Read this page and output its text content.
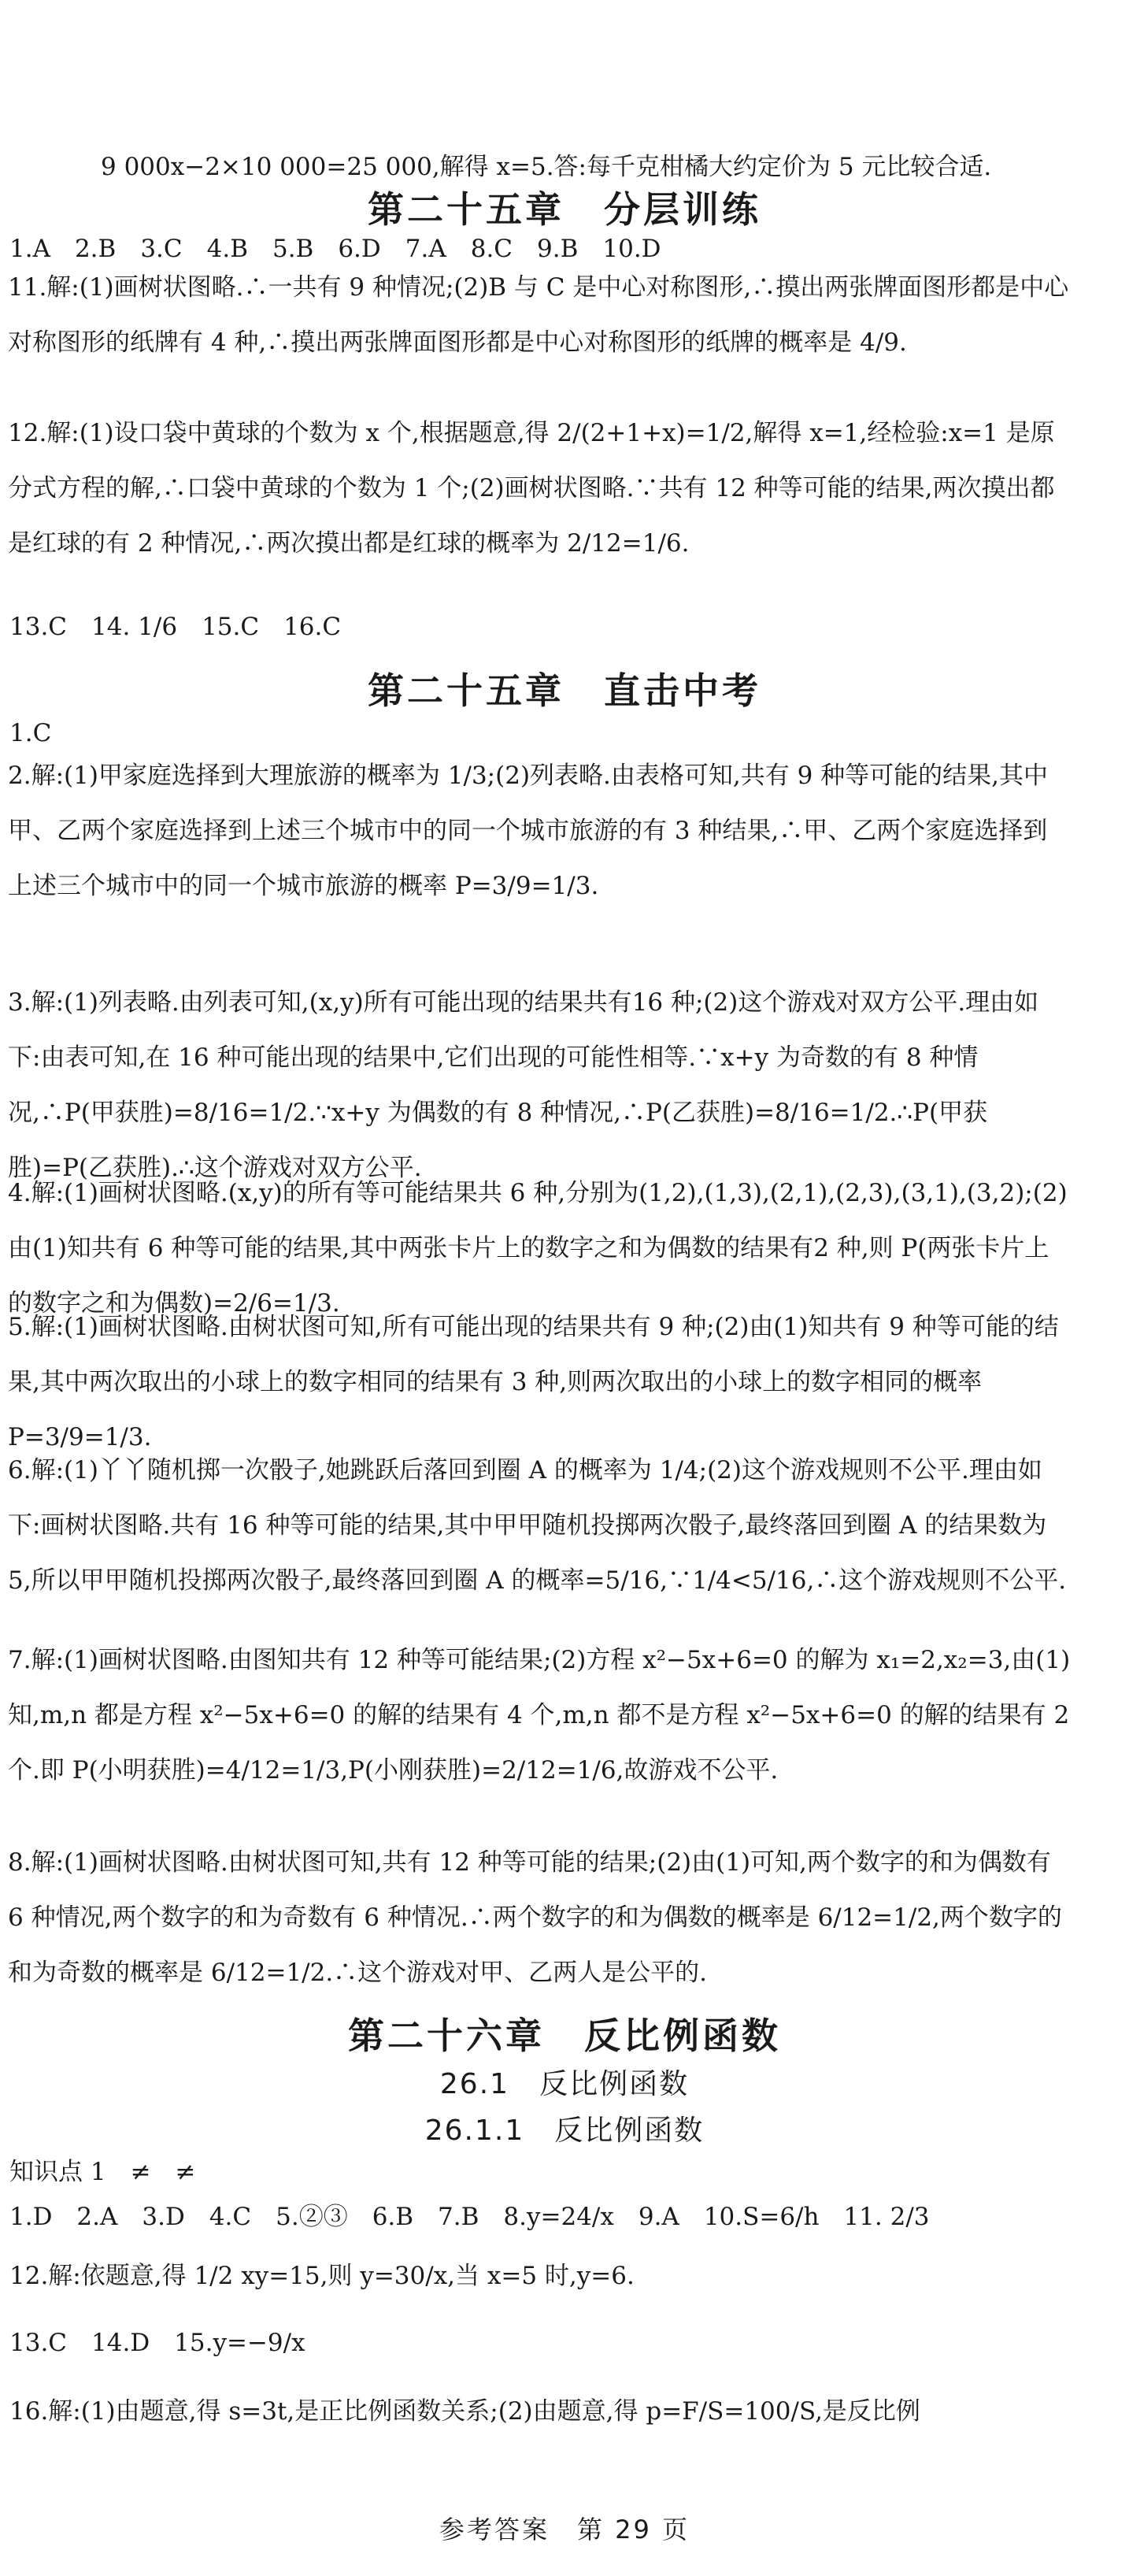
9 000x−2×10 000=25 000,解得 x=5.答:每千克柑橘大约定价为 5 元比较合适.
第二十五章　分层训练
1.A　2.B　3.C　4.B　5.B　6.D　7.A　8.C　9.B　10.D
11.解:(1)画树状图略.∴一共有 9 种情况;(2)B 与 C 是中心对称图形,∴摸出两张牌面图形都是中心对称图形的纸牌有 4 种,∴摸出两张牌面图形都是中心对称图形的纸牌的概率是 4/9.
12.解:(1)设口袋中黄球的个数为 x 个,根据题意,得 2/(2+1+x)=1/2,解得 x=1,经检验:x=1 是原分式方程的解,∴口袋中黄球的个数为 1 个;(2)画树状图略.∵共有 12 种等可能的结果,两次摸出都是红球的有 2 种情况,∴两次摸出都是红球的概率为 2/12=1/6.
13.C　14. 1/6　15.C　16.C
第二十五章　直击中考
1.C
2.解:(1)甲家庭选择到大理旅游的概率为 1/3;(2)列表略.由表格可知,共有 9 种等可能的结果,其中甲、乙两个家庭选择到上述三个城市中的同一个城市旅游的有 3 种结果,∴甲、乙两个家庭选择到上述三个城市中的同一个城市旅游的概率 P=3/9=1/3.
3.解:(1)列表略.由列表可知,(x,y)所有可能出现的结果共有16 种;(2)这个游戏对双方公平.理由如下:由表可知,在 16 种可能出现的结果中,它们出现的可能性相等.∵x+y 为奇数的有 8 种情况,∴P(甲获胜)=8/16=1/2.∵x+y 为偶数的有 8 种情况,∴P(乙获胜)=8/16=1/2.∴P(甲获胜)=P(乙获胜).∴这个游戏对双方公平.
4.解:(1)画树状图略.(x,y)的所有等可能结果共 6 种,分别为(1,2),(1,3),(2,1),(2,3),(3,1),(3,2);(2)由(1)知共有 6 种等可能的结果,其中两张卡片上的数字之和为偶数的结果有2 种,则 P(两张卡片上的数字之和为偶数)=2/6=1/3.
5.解:(1)画树状图略.由树状图可知,所有可能出现的结果共有 9 种;(2)由(1)知共有 9 种等可能的结果,其中两次取出的小球上的数字相同的结果有 3 种,则两次取出的小球上的数字相同的概率 P=3/9=1/3.
6.解:(1)丫丫随机掷一次骰子,她跳跃后落回到圈 A 的概率为 1/4;(2)这个游戏规则不公平.理由如下:画树状图略.共有 16 种等可能的结果,其中甲甲随机投掷两次骰子,最终落回到圈 A 的结果数为 5,所以甲甲随机投掷两次骰子,最终落回到圈 A 的概率=5/16,∵1/4<5/16,∴这个游戏规则不公平.
7.解:(1)画树状图略.由图知共有 12 种等可能结果;(2)方程 x²−5x+6=0 的解为 x₁=2,x₂=3,由(1)知,m,n 都是方程 x²−5x+6=0 的解的结果有 4 个,m,n 都不是方程 x²−5x+6=0 的解的结果有 2 个.即 P(小明获胜)=4/12=1/3,P(小刚获胜)=2/12=1/6,故游戏不公平.
8.解:(1)画树状图略.由树状图可知,共有 12 种等可能的结果;(2)由(1)可知,两个数字的和为偶数有 6 种情况,两个数字的和为奇数有 6 种情况.∴两个数字的和为偶数的概率是 6/12=1/2,两个数字的和为奇数的概率是 6/12=1/2.∴这个游戏对甲、乙两人是公平的.
第二十六章　反比例函数
26.1　反比例函数
26.1.1　反比例函数
知识点 1　≠　≠
1.D　2.A　3.D　4.C　5.②③　6.B　7.B　8.y=24/x　9.A　10.S=6/h　11. 2/3
12.解:依题意,得 1/2 xy=15,则 y=30/x,当 x=5 时,y=6.
13.C　14.D　15.y=−9/x
16.解:(1)由题意,得 s=3t,是正比例函数关系;(2)由题意,得 p=F/S=100/S,是反比例
参考答案　第 29 页
